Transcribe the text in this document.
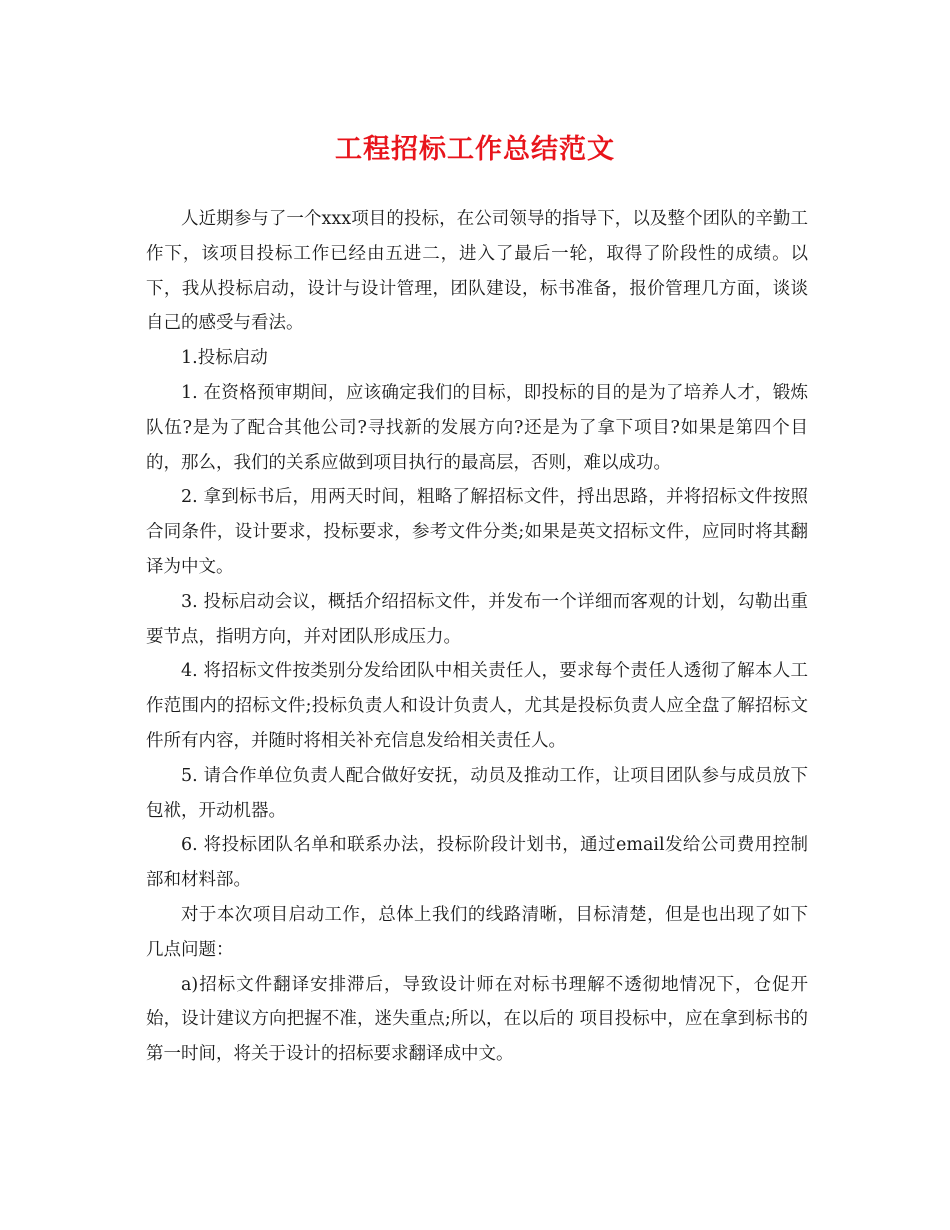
工程招标工作总结范文

人近期参与了一个xxx项目的投标，在公司领导的指导下，以及整个团队的辛勤工作下，该项目投标工作已经由五进二，进入了最后一轮，取得了阶段性的成绩。以下，我从投标启动，设计与设计管理，团队建设，标书准备，报价管理几方面，谈谈自己的感受与看法。

1.投标启动

1. 在资格预审期间，应该确定我们的目标，即投标的目的是为了培养人才，锻炼队伍?是为了配合其他公司?寻找新的发展方向?还是为了拿下项目?如果是第四个目的，那么，我们的关系应做到项目执行的最高层，否则，难以成功。

2. 拿到标书后，用两天时间，粗略了解招标文件，捋出思路，并将招标文件按照合同条件，设计要求，投标要求，参考文件分类;如果是英文招标文件，应同时将其翻译为中文。

3. 投标启动会议，概括介绍招标文件，并发布一个详细而客观的计划，勾勒出重要节点，指明方向，并对团队形成压力。

4. 将招标文件按类别分发给团队中相关责任人，要求每个责任人透彻了解本人工作范围内的招标文件;投标负责人和设计负责人，尤其是投标负责人应全盘了解招标文件所有内容，并随时将相关补充信息发给相关责任人。

5. 请合作单位负责人配合做好安抚，动员及推动工作，让项目团队参与成员放下包袱，开动机器。

6. 将投标团队名单和联系办法，投标阶段计划书，通过email发给公司费用控制部和材料部。

对于本次项目启动工作，总体上我们的线路清晰，目标清楚，但是也出现了如下几点问题：

a)招标文件翻译安排滞后，导致设计师在对标书理解不透彻地情况下，仓促开始，设计建议方向把握不准，迷失重点;所以，在以后的 项目投标中，应在拿到标书的第一时间，将关于设计的招标要求翻译成中文。
